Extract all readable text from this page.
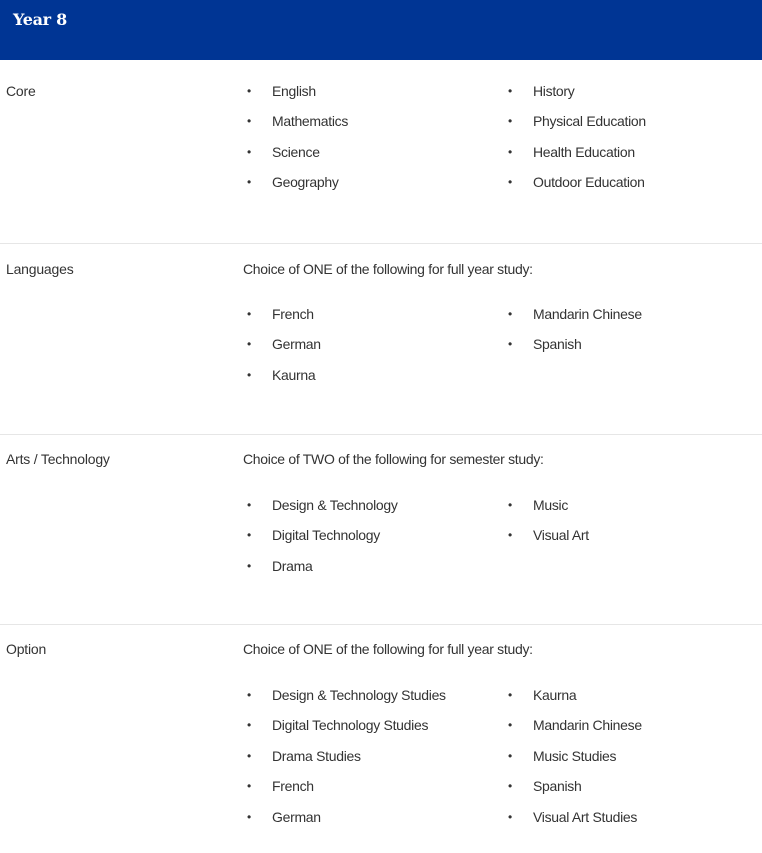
Year 8
Core	• English
• Mathematics
• Science
• Geography
• History
• Physical Education
• Health Education
• Outdoor Education
Languages	Choice of ONE of the following for full year study:
• French
• German
• Kaurna
• Mandarin Chinese
• Spanish
Arts / Technology	Choice of TWO of the following for semester study:
• Design & Technology
• Digital Technology
• Drama
• Music
• Visual Art
Option	Choice of ONE of the following for full year study:
• Design & Technology Studies
• Digital Technology Studies
• Drama Studies
• French
• German
• Kaurna
• Mandarin Chinese
• Music Studies
• Spanish
• Visual Art Studies
